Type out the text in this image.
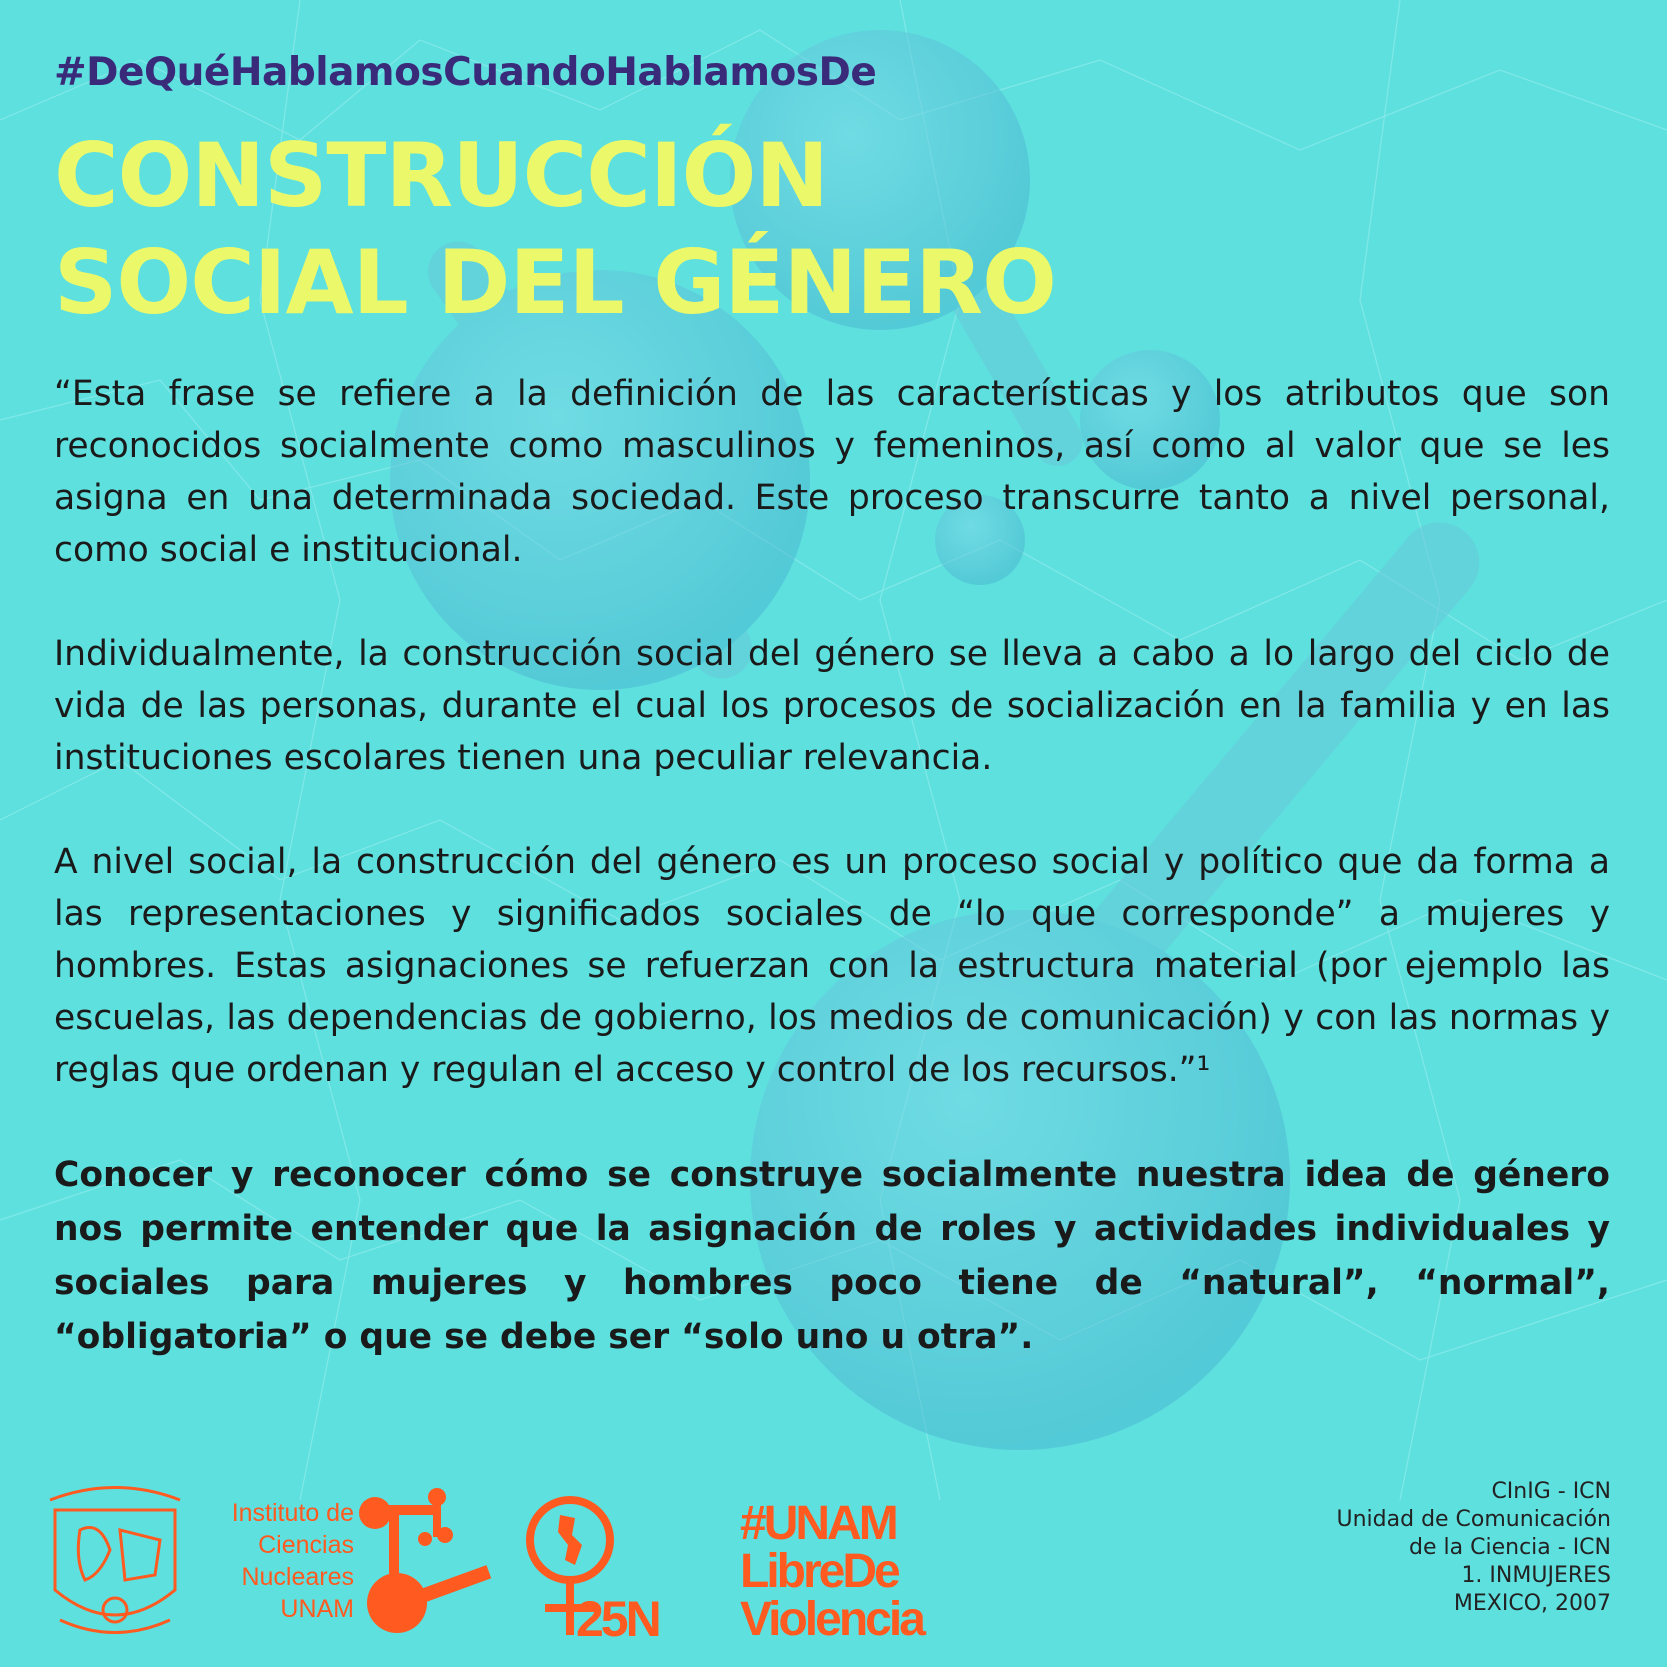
#DeQuéHablamosCuandoHablamosDe
CONSTRUCCIÓN
SOCIAL DEL GÉNERO

“Esta frase se refiere a la definición de las características y los atributos que son reconocidos socialmente como masculinos y femeninos, así como al valor que se les asigna en una determinada sociedad. Este proceso transcurre tanto a nivel personal, como social e institucional.

Individualmente, la construcción social del género se lleva a cabo a lo largo del ciclo de vida de las personas, durante el cual los procesos de socialización en la familia y en las instituciones escolares tienen una peculiar relevancia.

A nivel social, la construcción del género es un proceso social y político que da forma a las representaciones y significados sociales de “lo que corresponde” a mujeres y hombres. Estas asignaciones se refuerzan con la estructura material (por ejemplo las escuelas, las dependencias de gobierno, los medios de comunicación) y con las normas y reglas que ordenan y regulan el acceso y control de los recursos.”¹

Conocer y reconocer cómo se construye socialmente nuestra idea de género nos permite entender que la asignación de roles y actividades individuales y sociales para mujeres y hombres poco tiene de “natural”, “normal”, “obligatoria” o que se debe ser “solo uno u otra”.

Instituto de
Ciencias
Nucleares
UNAM	25N
#UNAM
LibreDe
Violencia
CInIG - ICN
Unidad de Comunicación
de la Ciencia - ICN
1. INMUJERES
MEXICO, 2007
